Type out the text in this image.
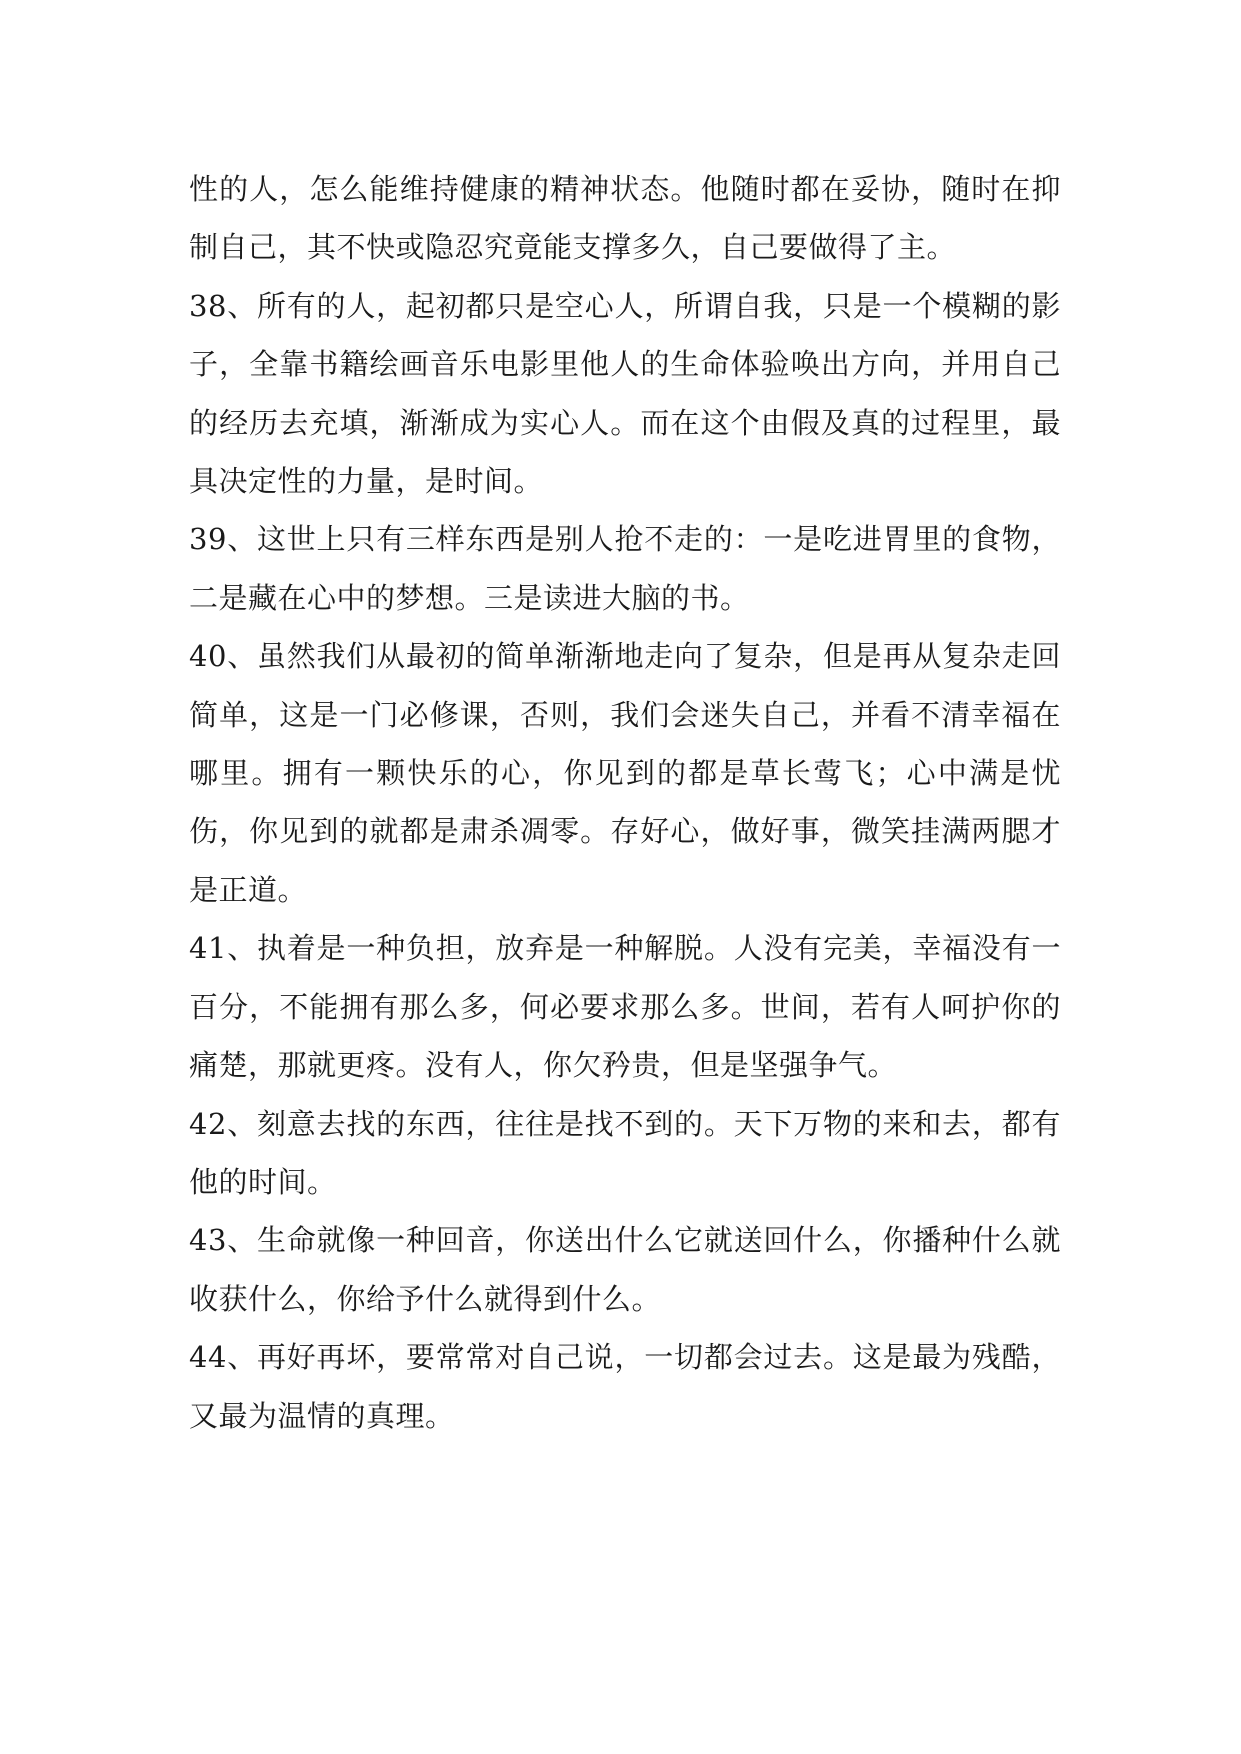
性的人，怎么能维持健康的精神状态。他随时都在妥协，随时在抑制自己，其不快或隐忍究竟能支撑多久，自己要做得了主。

38、所有的人，起初都只是空心人，所谓自我，只是一个模糊的影子，全靠书籍绘画音乐电影里他人的生命体验唤出方向，并用自己的经历去充填，渐渐成为实心人。而在这个由假及真的过程里，最具决定性的力量，是时间。

39、这世上只有三样东西是别人抢不走的：一是吃进胃里的食物，二是藏在心中的梦想。三是读进大脑的书。

40、虽然我们从最初的简单渐渐地走向了复杂，但是再从复杂走回简单，这是一门必修课，否则，我们会迷失自己，并看不清幸福在哪里。拥有一颗快乐的心，你见到的都是草长莺飞；心中满是忧伤，你见到的就都是肃杀凋零。存好心，做好事，微笑挂满两腮才是正道。

41、执着是一种负担，放弃是一种解脱。人没有完美，幸福没有一百分，不能拥有那么多，何必要求那么多。世间，若有人呵护你的痛楚，那就更疼。没有人，你欠矜贵，但是坚强争气。

42、刻意去找的东西，往往是找不到的。天下万物的来和去，都有他的时间。

43、生命就像一种回音，你送出什么它就送回什么，你播种什么就收获什么，你给予什么就得到什么。

44、再好再坏，要常常对自己说，一切都会过去。这是最为残酷，又最为温情的真理。
